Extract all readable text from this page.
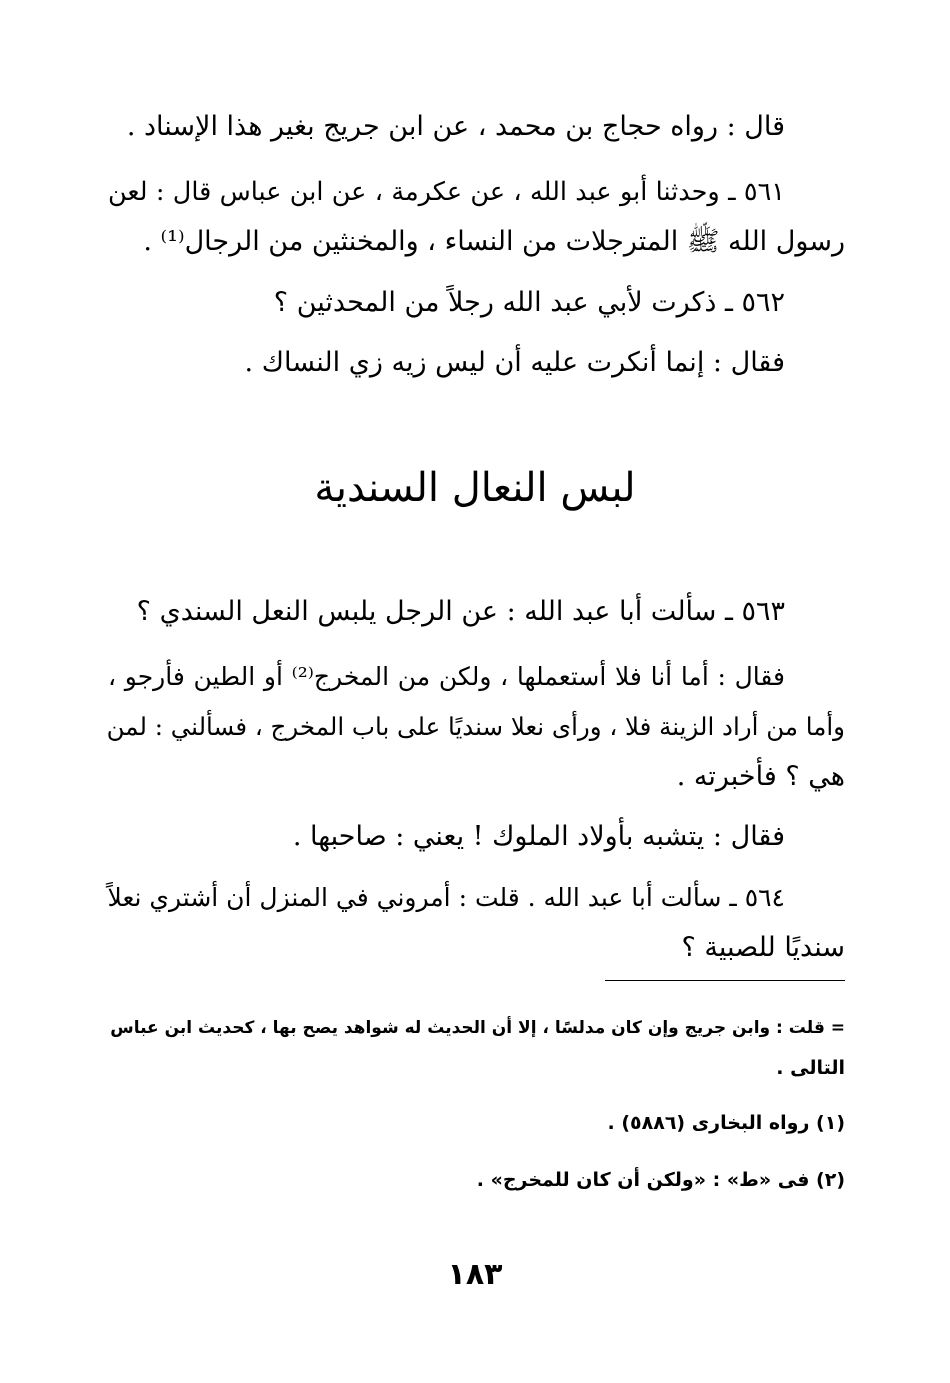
قال : رواه حجاج بن محمد ، عن ابن جريج بغير هذا الإسناد .
٥٦١ ـ وحدثنا أبو عبد الله ، عن عكرمة ، عن ابن عباس قال : لعن
رسول الله ﷺ المترجلات من النساء ، والمخنثين من الرجال⁽¹⁾ .
٥٦٢ ـ ذكرت لأبي عبد الله رجلاً من المحدثين ؟
فقال : إنما أنكرت عليه أن ليس زيه زي النساك .
لبس النعال السندية
٥٦٣ ـ سألت أبا عبد الله : عن الرجل يلبس النعل السندي ؟
فقال : أما أنا فلا أستعملها ، ولكن من المخرج⁽²⁾ أو الطين فأرجو ،
وأما من أراد الزينة فلا ، ورأى نعلا سنديًا على باب المخرج ، فسألني : لمن
هي ؟ فأخبرته .
فقال : يتشبه بأولاد الملوك ! يعني : صاحبها .
٥٦٤ ـ سألت أبا عبد الله . قلت : أمروني في المنزل أن أشتري نعلاً
سنديًا للصبية ؟
= قلت : وابن جريج وإن كان مدلسًا ، إلا أن الحديث له شواهد يصح بها ، كحديث ابن عباس
التالى .
(١) رواه البخارى (٥٨٨٦) .
(٢) فى «ط» : «ولكن أن كان للمخرج» .
١٨٣
